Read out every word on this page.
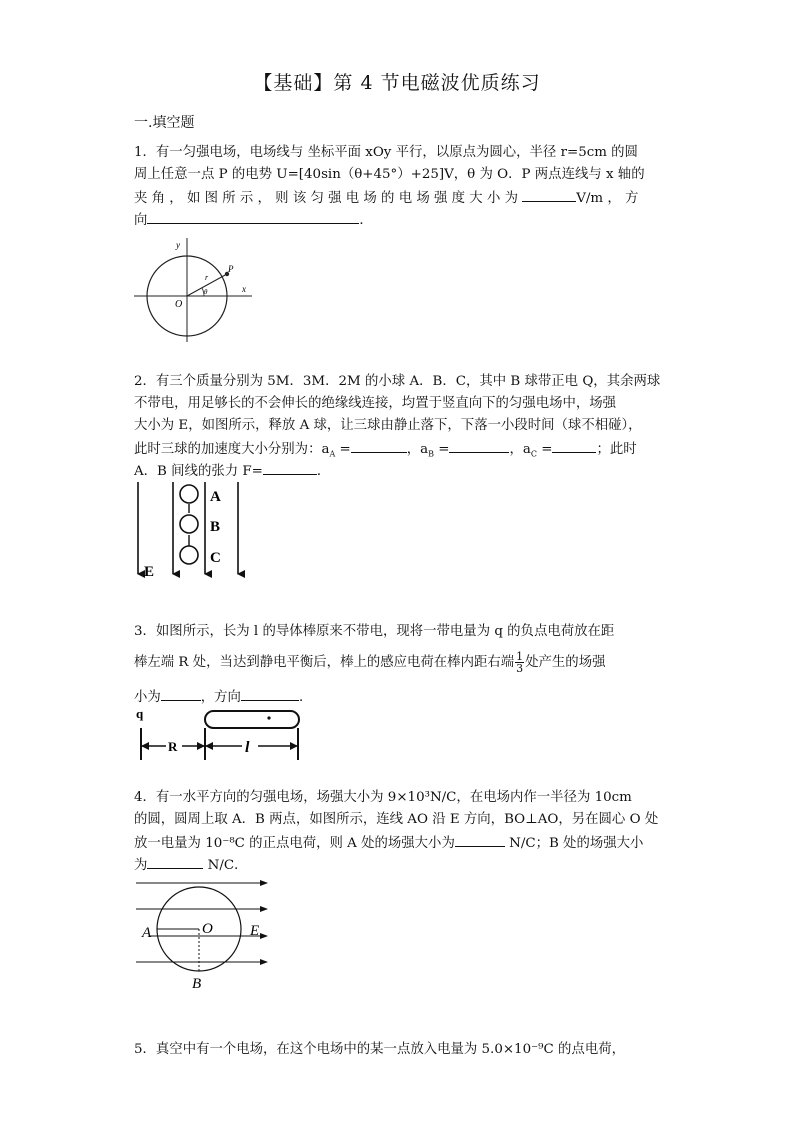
【基础】第 4 节电磁波优质练习
一.填空题
1．有一匀强电场，电场线与 坐标平面 xOy 平行，以原点为圆心，半径 r=5cm 的圆
周上任意一点 P 的电势 U=[40sin（θ+45°）+25]V，θ 为 O．P 两点连线与 x 轴的
夹 角 ， 如 图 所 示 ， 则 该 匀 强 电 场 的 电 场 强 度 大 小 为	V/m ， 方
向	．
y
x
O
r
P
θ
2．有三个质量分别为 5M．3M．2M 的小球 A．B．C，其中 B 球带正电 Q，其余两球
不带电，用足够长的不会伸长的绝缘线连接，均置于竖直向下的匀强电场中，场强
大小为 E，如图所示，释放 A 球，让三球由静止落下，下落一小段时间（球不相碰），
此时三球的加速度大小分别为：$a_A$ =	，$a_B$ =	，$a_C$ =	；此时
A．B 间线的张力 F=	．
A
B
C
E
3．如图所示，长为 l 的导体棒原来不带电，现将一带电量为 q 的负点电荷放在距
棒左端 R 处，当达到静电平衡后，棒上的感应电荷在棒内距右端 $\frac{1}{3}$ 处产生的场强
小为	，方向	．
q
R	l
4．有一水平方向的匀强电场，场强大小为 9×10³N/C，在电场内作一半径为 10cm
的圆，圆周上取 A．B 两点，如图所示，连线 AO 沿 E 方向，BO⊥AO，另在圆心 O 处
放一电量为 10⁻⁸C 的正点电荷，则 A 处的场强大小为	N/C；B 处的场强大小
为	N/C．
A	O E
B
5．真空中有一个电场，在这个电场中的某一点放入电量为 5.0×10⁻⁹C 的点电荷，
